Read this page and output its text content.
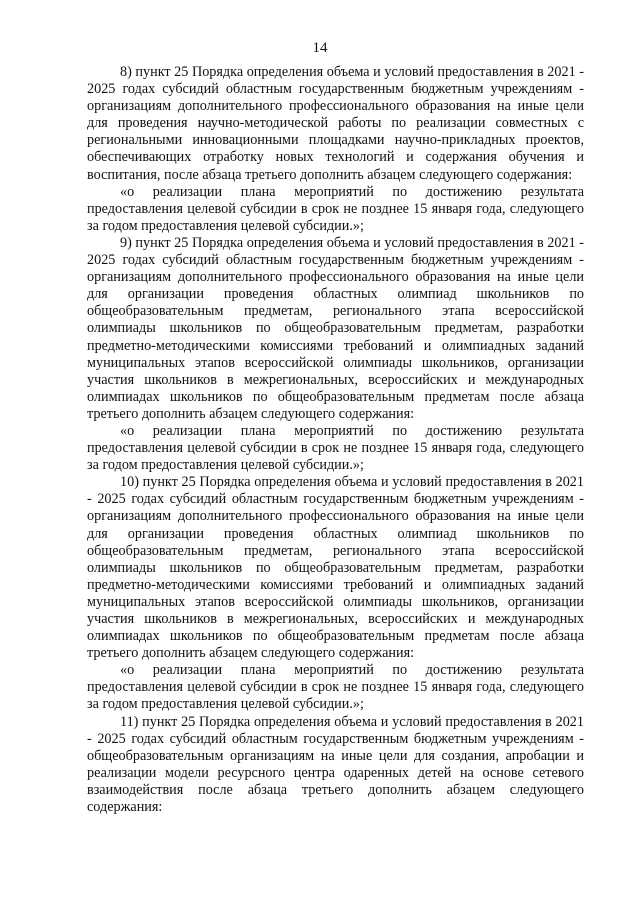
14

8) пункт 25 Порядка определения объема и условий предоставления в 2021 - 2025 годах субсидий областным государственным бюджетным учреждениям - организациям дополнительного профессионального образования на иные цели для проведения научно-методической работы по реализации совместных с региональными инновационными площадками научно-прикладных проектов, обеспечивающих отработку новых технологий и содержания обучения и воспитания, после абзаца третьего дополнить абзацем следующего содержания:

«о реализации плана мероприятий по достижению результата предоставления целевой субсидии в срок не позднее 15 января года, следующего за годом предоставления целевой субсидии.»;

9) пункт 25 Порядка определения объема и условий предоставления в 2021 - 2025 годах субсидий областным государственным бюджетным учреждениям - организациям дополнительного профессионального образования на иные цели для организации проведения областных олимпиад школьников по общеобразовательным предметам, регионального этапа всероссийской олимпиады школьников по общеобразовательным предметам, разработки предметно-методическими комиссиями требований и олимпиадных заданий муниципальных этапов всероссийской олимпиады школьников, организации участия школьников в межрегиональных, всероссийских и международных олимпиадах школьников по общеобразовательным предметам после абзаца третьего дополнить абзацем следующего содержания:

«о реализации плана мероприятий по достижению результата предоставления целевой субсидии в срок не позднее 15 января года, следующего за годом предоставления целевой субсидии.»;

10) пункт 25 Порядка определения объема и условий предоставления в 2021 - 2025 годах субсидий областным государственным бюджетным учреждениям - организациям дополнительного профессионального образования на иные цели для организации проведения областных олимпиад школьников по общеобразовательным предметам, регионального этапа всероссийской олимпиады школьников по общеобразовательным предметам, разработки предметно-методическими комиссиями требований и олимпиадных заданий муниципальных этапов всероссийской олимпиады школьников, организации участия школьников в межрегиональных, всероссийских и международных олимпиадах школьников по общеобразовательным предметам после абзаца третьего дополнить абзацем следующего содержания:

«о реализации плана мероприятий по достижению результата предоставления целевой субсидии в срок не позднее 15 января года, следующего за годом предоставления целевой субсидии.»;

11) пункт 25 Порядка определения объема и условий предоставления в 2021 - 2025 годах субсидий областным государственным бюджетным учреждениям - общеобразовательным организациям на иные цели для создания, апробации и реализации модели ресурсного центра одаренных детей на основе сетевого взаимодействия после абзаца третьего дополнить абзацем следующего содержания:
